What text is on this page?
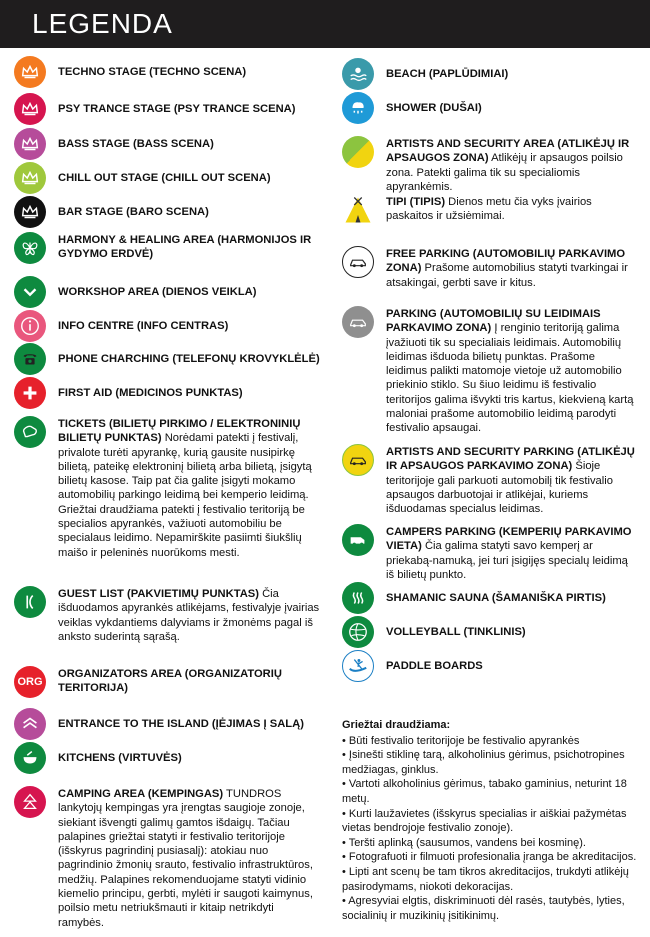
LEGENDA
TECHNO STAGE (TECHNO SCENA)
PSY TRANCE STAGE (PSY TRANCE SCENA)
BASS STAGE (BASS SCENA)
CHILL OUT STAGE (CHILL OUT SCENA)
BAR STAGE (BARO SCENA)
HARMONY & HEALING AREA (HARMONIJOS IR GYDYMO ERDVĖ)
WORKSHOP AREA (DIENOS VEIKLA)
INFO CENTRE (INFO CENTRAS)
PHONE CHARCHING (TELEFONŲ KROVYKLĖLĖ)
FIRST AID (MEDICINOS PUNKTAS)
TICKETS (BILIETŲ PIRKIMO / ELEKTRONINIŲ BILIETŲ PUNKTAS) Norėdami patekti į festivalį, privalote turėti apyrankę, kurią gausite nusipirkę bilietą, pateikę elektroninį bilietą arba bilietą, įsigytą bilietų kasose. Taip pat čia galite įsigyti mokamo automobilių parkingo leidimą bei kemperio leidimą. Griežtai draudžiama patekti į festivalio teritoriją be specialios apyrankės, važiuoti automobiliu be specialaus leidimo. Nepamirškite pasiimti šiukšlių maišo ir peleninės nuorūkoms mesti.
GUEST LIST (PAKVIETIMŲ PUNKTAS) Čia išduodamos apyrankės atlikėjams, festivalyje įvairias veiklas vykdantiems dalyviams ir žmonėms pagal iš anksto suderintą sąrašą.
ORG
ORGANIZATORS AREA (ORGANIZATORIŲ TERITORIJA)
ENTRANCE TO THE ISLAND (ĮĖJIMAS Į SALĄ)
KITCHENS (VIRTUVĖS)
CAMPING AREA (KEMPINGAS) TUNDROS lankytojų kempingas yra įrengtas saugioje zonoje, siekiant išvengti galimų gamtos išdaigų. Tačiau palapines griežtai statyti ir festivalio teritorijoje (išskyrus pagrindinį pusiasalį): atokiau nuo pagrindinio žmonių srauto, festivalio infrastruktūros, medžių. Palapines rekomenduojame statyti vidinio kiemelio principu, gerbti, mylėti ir saugoti kaimynus, poilsio metu netriukšmauti ir kitaip netrikdyti ramybės.
BEACH (PAPLŪDIMIAI)
SHOWER (DUŠAI)
ARTISTS AND SECURITY AREA (ATLIKĖJŲ IR APSAUGOS ZONA) Atlikėjų ir apsaugos poilsio zona. Patekti galima tik su specialiomis apyrankėmis.
TIPI (TIPIS) Dienos metu čia vyks įvairios paskaitos ir užsiėmimai.
FREE PARKING (AUTOMOBILIŲ PARKAVIMO ZONA) Prašome automobilius statyti tvarkingai ir atsakingai, gerbti save ir kitus.
PARKING (AUTOMOBILIŲ SU LEIDIMAIS PARKAVIMO ZONA) Į renginio teritoriją galima įvažiuoti tik su specialiais leidimais. Automobilių leidimas išduoda bilietų punktas. Prašome leidimus palikti matomoje vietoje už automobilio priekinio stiklo. Su šiuo leidimu iš festivalio teritorijos galima išvykti tris kartus, kiekvieną kartą maloniai prašome automobilio leidimą parodyti festivalio apsaugai.
ARTISTS AND SECURITY PARKING (ATLIKĖJŲ IR APSAUGOS PARKAVIMO ZONA) Šioje teritorijoje gali parkuoti automobilį tik festivalio apsaugos darbuotojai ir atlikėjai, kuriems išduodamas specialus leidimas.
CAMPERS PARKING (KEMPERIŲ PARKAVIMO VIETA) Čia galima statyti savo kemperį ar priekabą-namuką, jei turi įsigijęs specialų leidimą iš bilietų punkto.
SHAMANIC SAUNA (ŠAMANIŠKA PIRTIS)
VOLLEYBALL (TINKLINIS)
PADDLE BOARDS
Griežtai draudžiama:
• Būti festivalio teritorijoje be festivalio apyrankės
• Įsinešti stiklinę tarą, alkoholinius gėrimus, psichotropines medžiagas, ginklus.
• Vartoti alkoholinius gėrimus, tabako gaminius, neturint 18 metų.
• Kurti laužavietes (išskyrus specialias ir aiškiai pažymėtas vietas bendrojoje festivalio zonoje).
• Teršti aplinką (sausumos, vandens bei kosminę).
• Fotografuoti ir filmuoti profesionalia įranga be akreditacijos.
• Lipti ant scenų be tam tikros akreditacijos, trukdyti atlikėjų pasirodymams, niokoti dekoracijas.
• Agresyviai elgtis, diskriminuoti dėl rasės, tautybės, lyties, socialinių ir muzikinių įsitikinimų.
